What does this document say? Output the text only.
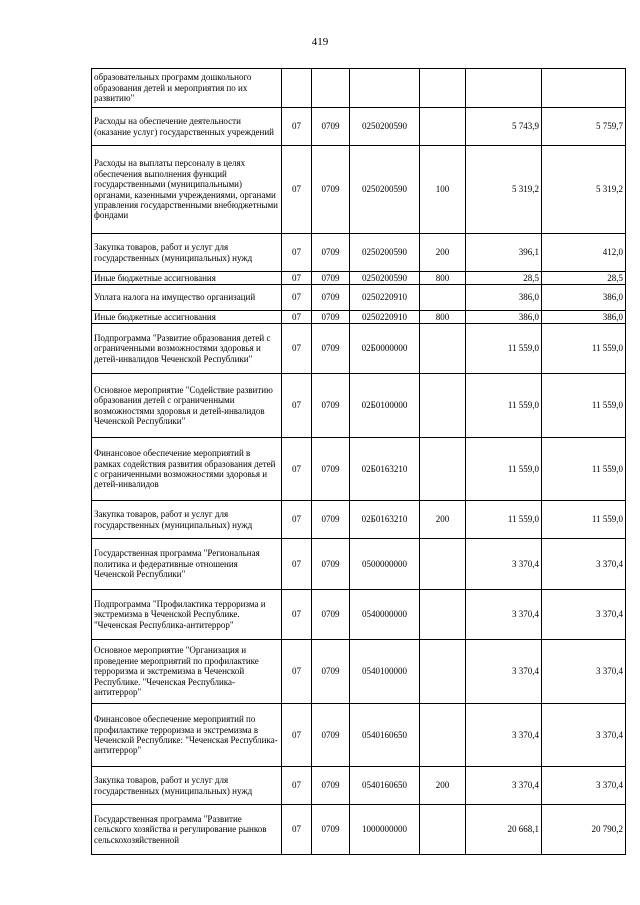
419
образовательных программ дошкольного образования детей и мероприятия по их развитию"						
Расходы на обеспечение деятельности (оказание услуг) государственных учреждений	07	0709	0250200590		5 743,9	5 759,7
Расходы на выплаты персоналу в целях обеспечения выполнения функций государственными (муниципальными) органами, казенными учреждениями, органами управления государственными внебюджетными фондами	07	0709	0250200590	100	5 319,2	5 319,2
Закупка товаров, работ и услуг для государственных (муниципальных) нужд	07	0709	0250200590	200	396,1	412,0
Иные бюджетные ассигнования	07	0709	0250200590	800	28,5	28,5
Уплата налога на имущество организаций	07	0709	0250220910		386,0	386,0
Иные бюджетные ассигнования	07	0709	0250220910	800	386,0	386,0
Подпрограмма "Развитие образования детей с ограниченными возможностями здоровья и детей-инвалидов Чеченской Республики"	07	0709	02Б0000000		11 559,0	11 559,0
Основное мероприятие "Содействие развитию образования детей с ограниченными возможностями здоровья и детей-инвалидов Чеченской Республики"	07	0709	02Б0100000		11 559,0	11 559,0
Финансовое обеспечение мероприятий в рамках содействия развития образования детей с ограниченными возможностями здоровья и детей-инвалидов	07	0709	02Б0163210		11 559,0	11 559,0
Закупка товаров, работ и услуг для государственных (муниципальных) нужд	07	0709	02Б0163210	200	11 559,0	11 559,0
Государственная программа "Региональная политика и федеративные отношения Чеченской Республики"	07	0709	0500000000		3 370,4	3 370,4
Подпрограмма "Профилактика терроризма и экстремизма в Чеченской Республике. "Чеченская Республика-антитеррор"	07	0709	0540000000		3 370,4	3 370,4
Основное мероприятие "Организация и проведение мероприятий по профилактике терроризма и экстремизма в Чеченской Республике. "Чеченская Республика-антитеррор"	07	0709	0540100000		3 370,4	3 370,4
Финансовое обеспечение мероприятий по профилактике терроризма и экстремизма в Чеченской Республике: "Чеченская Республика-антитеррор"	07	0709	0540160650		3 370,4	3 370,4
Закупка товаров, работ и услуг для государственных (муниципальных) нужд	07	0709	0540160650	200	3 370,4	3 370,4
Государственная программа "Развитие сельского хозяйства и регулирование рынков сельскохозяйственной	07	0709	1000000000		20 668,1	20 790,2
